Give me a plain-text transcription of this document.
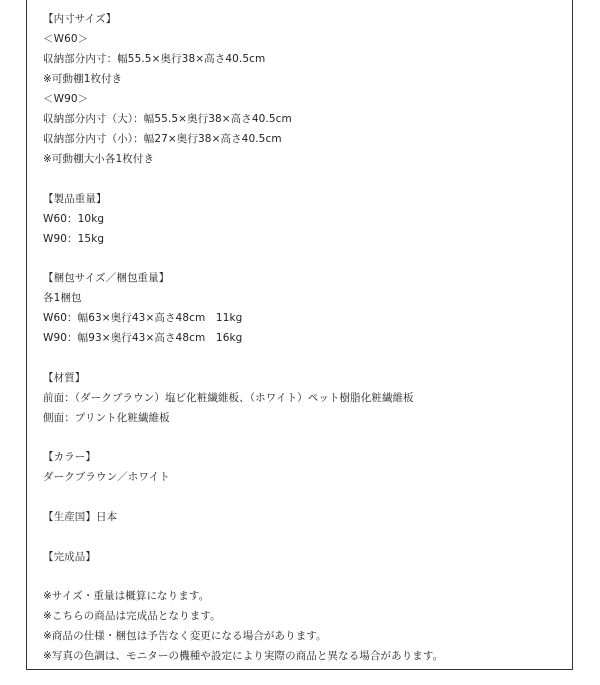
【内寸サイズ】
＜W60＞
収納部分内寸：幅55.5×奥行38×高さ40.5cm
※可動棚1枚付き
＜W90＞
収納部分内寸（大）：幅55.5×奥行38×高さ40.5cm
収納部分内寸（小）：幅27×奥行38×高さ40.5cm
※可動棚大小各1枚付き
【製品重量】
W60：10kg
W90：15kg
【梱包サイズ／梱包重量】
各1梱包
W60：幅63×奥行43×高さ48cm　11kg
W90：幅93×奥行43×高さ48cm　16kg
【材質】
前面：（ダークブラウン）塩ビ化粧繊維板、（ホワイト）ペット樹脂化粧繊維板
側面：プリント化粧繊維板
【カラー】
ダークブラウン／ホワイト
【生産国】日本
【完成品】
※サイズ・重量は概算になります。
※こちらの商品は完成品となります。
※商品の仕様・梱包は予告なく変更になる場合があります。
※写真の色調は、モニターの機種や設定により実際の商品と異なる場合があります。
